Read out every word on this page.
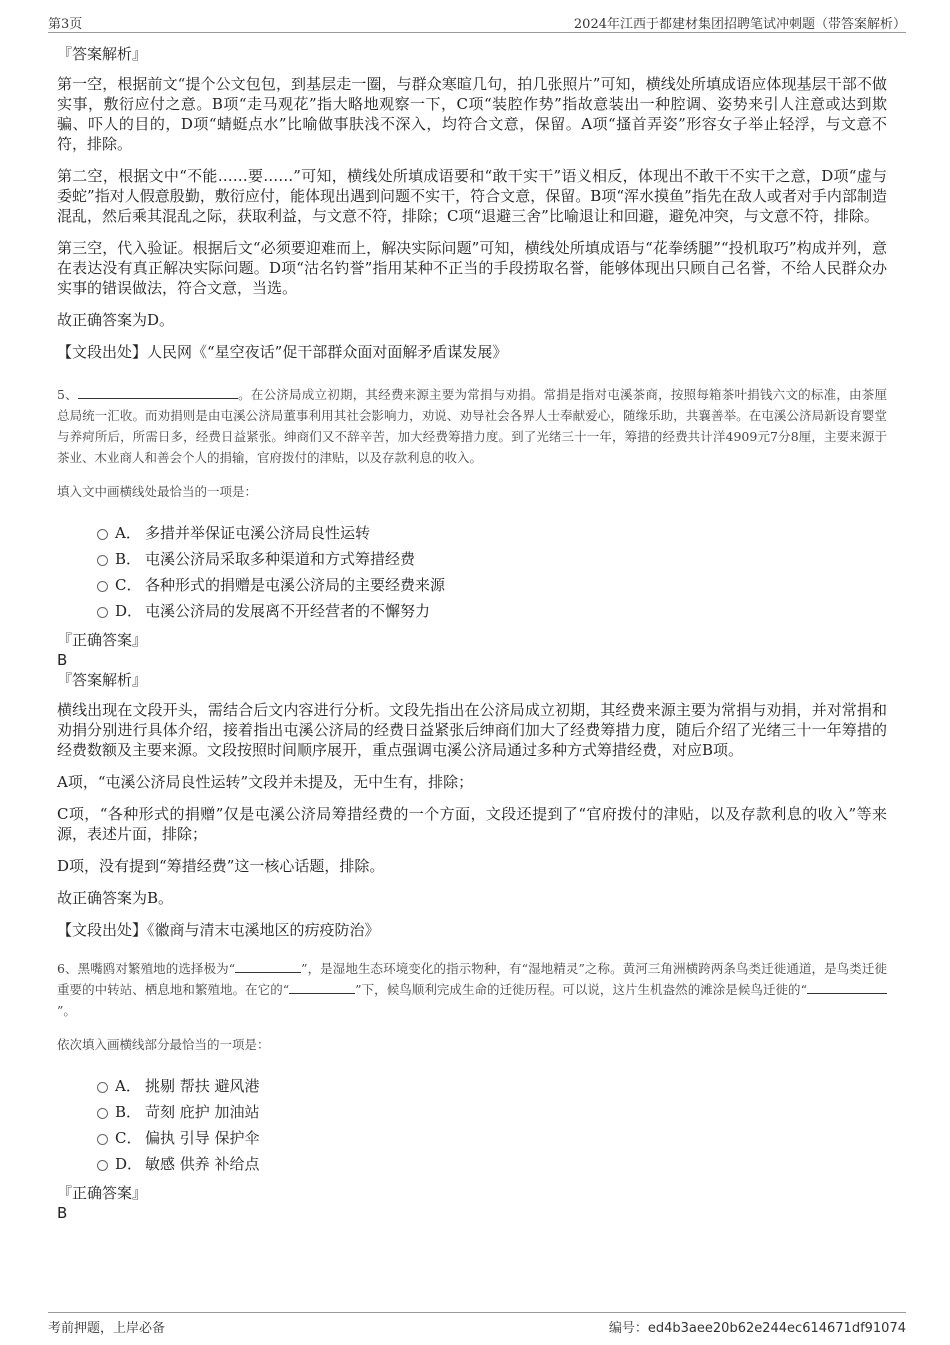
第3页	2024年江西于都建材集团招聘笔试冲刺题（带答案解析）

『答案解析』

第一空，根据前文“提个公文包包，到基层走一圈，与群众寒暄几句，拍几张照片”可知，横线处所填成语应体现基层干部不做实事，敷衍应付之意。B项“走马观花”指大略地观察一下，C项“装腔作势”指故意装出一种腔调、姿势来引人注意或达到欺骗、吓人的目的，D项“蜻蜓点水”比喻做事肤浅不深入，均符合文意，保留。A项“搔首弄姿”形容女子举止轻浮，与文意不符，排除。

第二空，根据文中“不能……要……”可知，横线处所填成语要和“敢干实干”语义相反，体现出不敢干不实干之意，D项“虚与委蛇”指对人假意殷勤，敷衍应付，能体现出遇到问题不实干，符合文意，保留。B项“浑水摸鱼”指先在敌人或者对手内部制造混乱，然后乘其混乱之际，获取利益，与文意不符，排除；C项“退避三舍”比喻退让和回避，避免冲突，与文意不符，排除。

第三空，代入验证。根据后文“必须要迎难而上，解决实际问题”可知，横线处所填成语与“花拳绣腿”“投机取巧”构成并列，意在表达没有真正解决实际问题。D项“沽名钓誉”指用某种不正当的手段捞取名誉，能够体现出只顾自己名誉，不给人民群众办实事的错误做法，符合文意，当选。

故正确答案为D。

【文段出处】人民网《“星空夜话”促干部群众面对面解矛盾谋发展》

5、	。在公济局成立初期，其经费来源主要为常捐与劝捐。常捐是指对屯溪茶商，按照每箱茶叶捐钱六文的标准，由茶厘总局统一汇收。而劝捐则是由屯溪公济局董事利用其社会影响力，劝说、劝导社会各界人士奉献爱心，随缘乐助，共襄善举。在屯溪公济局新设育婴堂与养疴所后，所需日多，经费日益紧张。绅商们又不辞辛苦，加大经费筹措力度。到了光绪三十一年，筹措的经费共计洋4909元7分8厘，主要来源于茶业、木业商人和善会个人的捐输，官府拨付的津贴，以及存款利息的收入。

填入文中画横线处最恰当的一项是：

A． 多措并举保证屯溪公济局良性运转
B． 屯溪公济局采取多种渠道和方式筹措经费
C． 各种形式的捐赠是屯溪公济局的主要经费来源
D． 屯溪公济局的发展离不开经营者的不懈努力

『正确答案』

B

『答案解析』

横线出现在文段开头，需结合后文内容进行分析。文段先指出在公济局成立初期，其经费来源主要为常捐与劝捐，并对常捐和劝捐分别进行具体介绍，接着指出屯溪公济局的经费日益紧张后绅商们加大了经费筹措力度，随后介绍了光绪三十一年筹措的经费数额及主要来源。文段按照时间顺序展开，重点强调屯溪公济局通过多种方式筹措经费，对应B项。

A项，“屯溪公济局良性运转”文段并未提及，无中生有，排除；

C项，“各种形式的捐赠”仅是屯溪公济局筹措经费的一个方面，文段还提到了“官府拨付的津贴，以及存款利息的收入”等来源，表述片面，排除；

D项，没有提到“筹措经费”这一核心话题，排除。

故正确答案为B。

【文段出处】《徽商与清末屯溪地区的疠疫防治》

6、黑嘴鸥对繁殖地的选择极为“	”，是湿地生态环境变化的指示物种，有“湿地精灵”之称。黄河三角洲横跨两条鸟类迁徙通道，是鸟类迁徙重要的中转站、栖息地和繁殖地。在它的“	”下，候鸟顺利完成生命的迁徙历程。可以说，这片生机盎然的滩涂是候鸟迁徙的“”。

依次填入画横线部分最恰当的一项是：

A． 挑剔 帮扶 避风港
B． 苛刻 庇护 加油站
C． 偏执 引导 保护伞
D． 敏感 供养 补给点

『正确答案』

B

考前押题，上岸必备	编号：ed4b3aee20b62e244ec614671df91074
